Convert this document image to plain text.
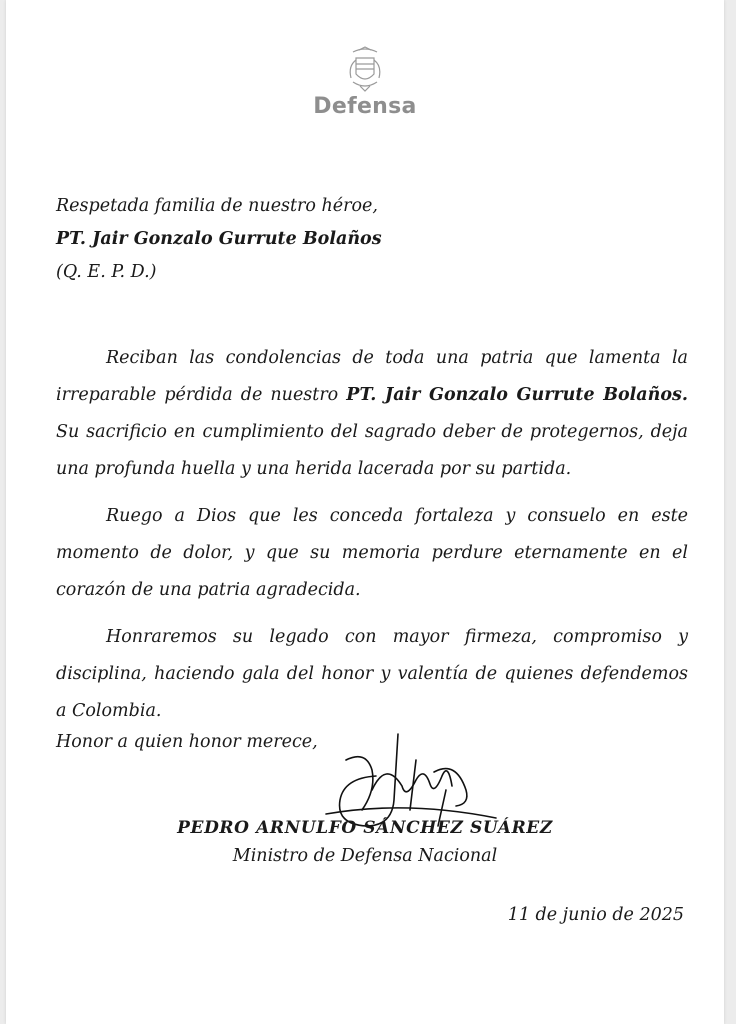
Defensa
Respetada familia de nuestro héroe,
PT. Jair Gonzalo Gurrute Bolaños
(Q. E. P. D.)

Reciban las condolencias de toda una patria que lamenta la irreparable pérdida de nuestro PT. Jair Gonzalo Gurrute Bolaños. Su sacrificio en cumplimiento del sagrado deber de protegernos, deja una profunda huella y una herida lacerada por su partida.

Ruego a Dios que les conceda fortaleza y consuelo en este momento de dolor, y que su memoria perdure eternamente en el corazón de una patria agradecida.

Honraremos su legado con mayor firmeza, compromiso y disciplina, haciendo gala del honor y valentía de quienes defendemos a Colombia.

Honor a quien honor merece,
PEDRO ARNULFO SÁNCHEZ SUÁREZ
Ministro de Defensa Nacional
11 de junio de 2025
